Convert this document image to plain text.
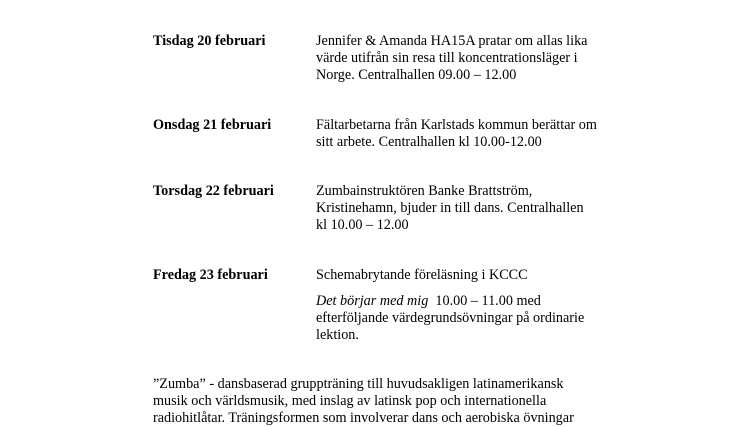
Tisdag 20 februari	Jennifer & Amanda HA15A pratar om allas lika
värde utifrån sin resa till koncentrationsläger i
Norge. Centralhallen 09.00 – 12.00

Onsdag 21 februari	Fältarbetarna från Karlstads kommun berättar om
sitt arbete. Centralhallen kl 10.00-12.00

Torsdag 22 februari	Zumbainstruktören Banke Brattström,
Kristinehamn, bjuder in till dans. Centralhallen
kl 10.00 – 12.00

Fredag 23 februari	Schemabrytande föreläsning i KCCC

Det börjar med mig  10.00 – 11.00 med
efterföljande värdegrundsövningar på ordinarie
lektion.

”Zumba” - dansbaserad gruppträning till huvudsakligen latinamerikansk
musik och världsmusik, med inslag av latinsk pop och internationella
radiohitlåtar. Träningsformen som involverar dans och aerobiska övningar
